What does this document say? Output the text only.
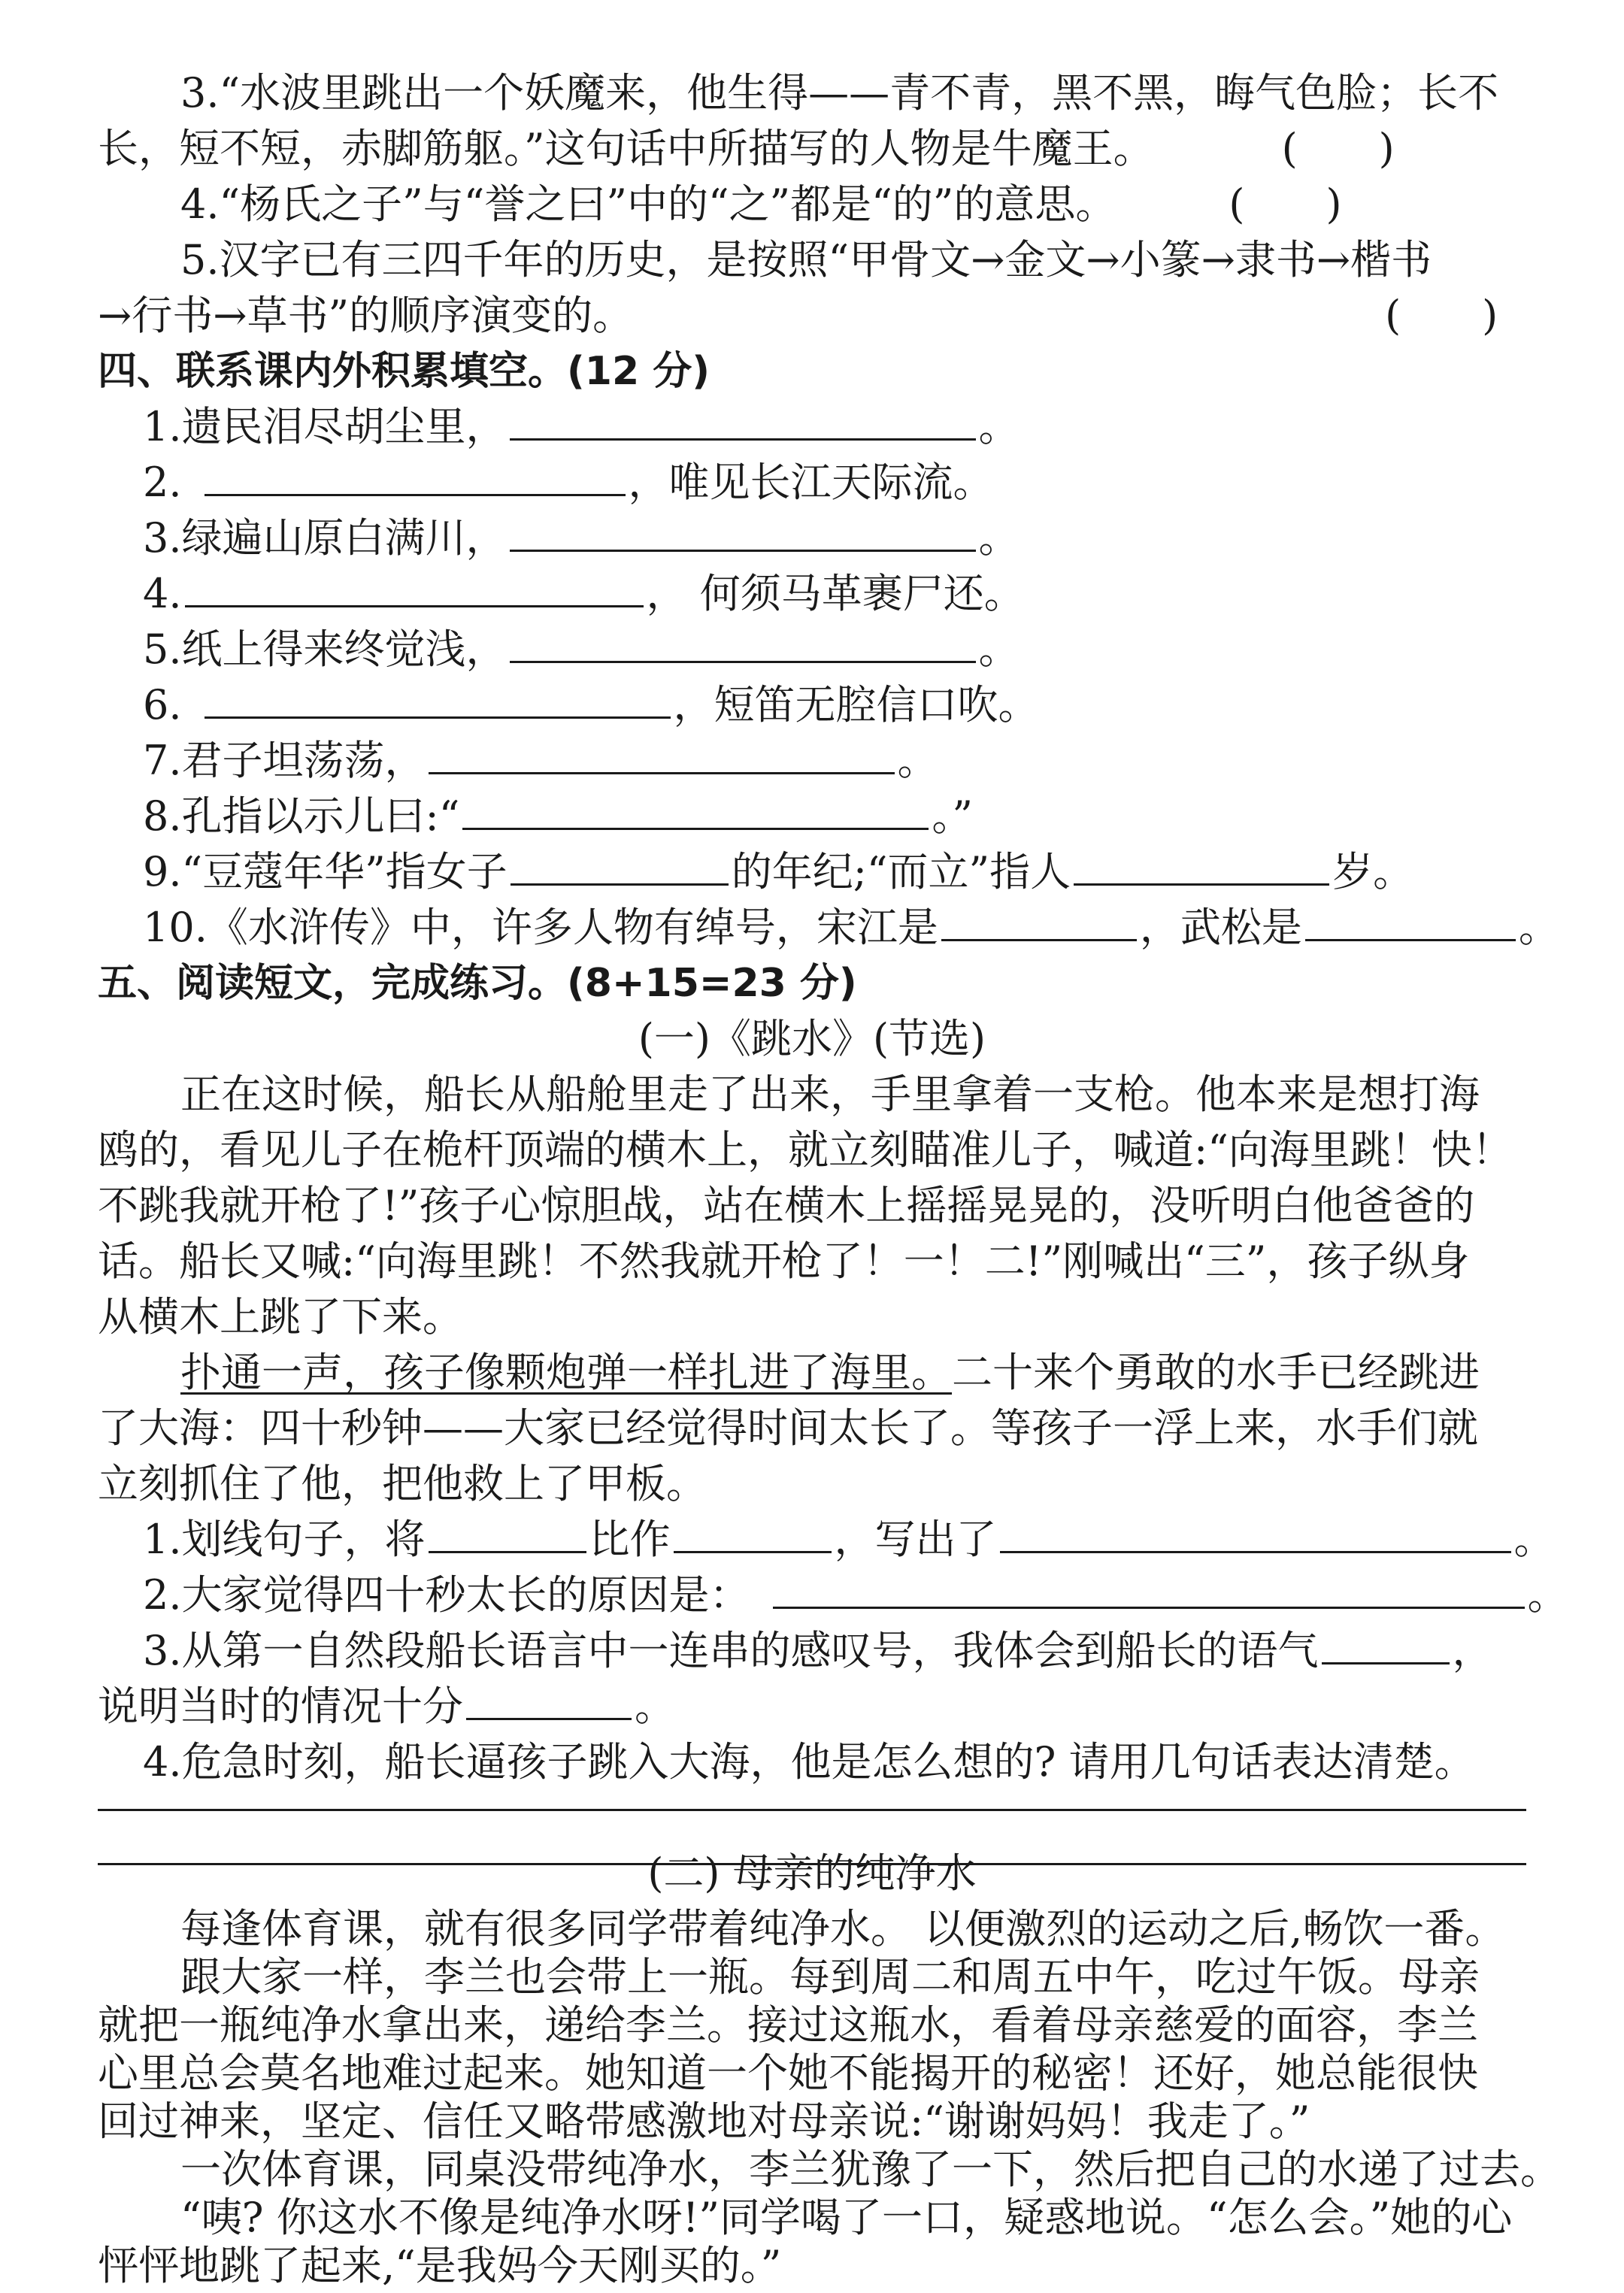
3.“水波里跳出一个妖魔来，他生得——青不青，黑不黑，晦气色脸；长不
长，短不短，赤脚筋躯。”这句话中所描写的人物是牛魔王。	(　　)
4.“杨氏之子”与“誉之曰”中的“之”都是“的”的意思。	(　　)
5.汉字已有三四千年的历史，是按照“甲骨文→金文→小篆→隶书→楷书
→行书→草书”的顺序演变的。	(　　)
四、联系课内外积累填空。(12 分)
1.遗民泪尽胡尘里，	。
2.	，唯见长江天际流。
3.绿遍山原白满川，	。
4.	， 何须马革裹尸还。
5.纸上得来终觉浅，	。
6.	，短笛无腔信口吹。
7.君子坦荡荡，	。
8.孔指以示儿曰:“	。”
9.“豆蔻年华”指女子	的年纪;“而立”指人	岁。
10.《水浒传》中，许多人物有绰号，宋江是	，武松是	。
五、阅读短文，完成练习。(8+15=23 分)
(一)《跳水》(节选)
正在这时候，船长从船舱里走了出来，手里拿着一支枪。他本来是想打海
鸥的，看见儿子在桅杆顶端的横木上，就立刻瞄准儿子，喊道:“向海里跳！快！
不跳我就开枪了!”孩子心惊胆战，站在横木上摇摇晃晃的，没听明白他爸爸的
话。船长又喊:“向海里跳！不然我就开枪了！一！二!”刚喊出“三”，孩子纵身
从横木上跳了下来。
扑通一声，孩子像颗炮弹一样扎进了海里。二十来个勇敢的水手已经跳进
了大海：四十秒钟——大家已经觉得时间太长了。等孩子一浮上来，水手们就
立刻抓住了他，把他救上了甲板。
1.划线句子，将	比作	，写出了	。
2.大家觉得四十秒太长的原因是：	。
3.从第一自然段船长语言中一连串的感叹号，我体会到船长的语气	，
说明当时的情况十分	。
4.危急时刻，船长逼孩子跳入大海，他是怎么想的? 请用几句话表达清楚。
(二) 母亲的纯净水
每逢体育课，就有很多同学带着纯净水。 以便激烈的运动之后,畅饮一番。
跟大家一样，李兰也会带上一瓶。每到周二和周五中午，吃过午饭。母亲
就把一瓶纯净水拿出来，递给李兰。接过这瓶水，看着母亲慈爱的面容，李兰
心里总会莫名地难过起来。她知道一个她不能揭开的秘密！还好，她总能很快
回过神来，坚定、信任又略带感激地对母亲说:“谢谢妈妈！我走了。”
一次体育课，同桌没带纯净水，李兰犹豫了一下，然后把自己的水递了过去。
“咦? 你这水不像是纯净水呀!”同学喝了一口，疑惑地说。“怎么会。”她的心
怦怦地跳了起来,“是我妈今天刚买的。”
